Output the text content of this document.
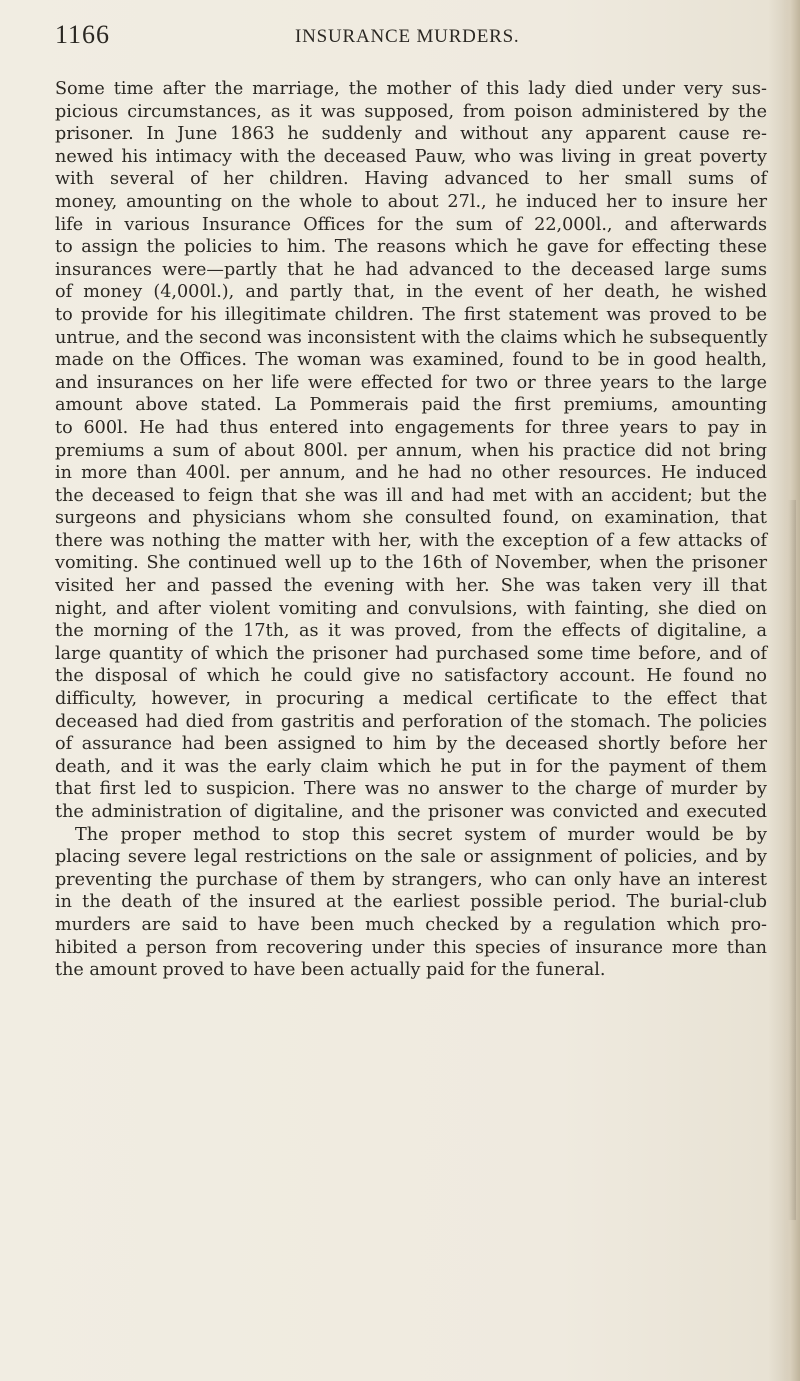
1166	INSURANCE MURDERS.
Some time after the marriage, the mother of this lady died under very sus-
picious circumstances, as it was supposed, from poison administered by the
prisoner. In June 1863 he suddenly and without any apparent cause re-
newed his intimacy with the deceased Pauw, who was living in great poverty
with several of her children. Having advanced to her small sums of
money, amounting on the whole to about 27l., he induced her to insure her
life in various Insurance Offices for the sum of 22,000l., and afterwards
to assign the policies to him. The reasons which he gave for effecting these
insurances were—partly that he had advanced to the deceased large sums
of money (4,000l.), and partly that, in the event of her death, he wished
to provide for his illegitimate children. The first statement was proved to be
untrue, and the second was inconsistent with the claims which he subsequently
made on the Offices. The woman was examined, found to be in good health,
and insurances on her life were effected for two or three years to the large
amount above stated. La Pommerais paid the first premiums, amounting
to 600l. He had thus entered into engagements for three years to pay in
premiums a sum of about 800l. per annum, when his practice did not bring
in more than 400l. per annum, and he had no other resources. He induced
the deceased to feign that she was ill and had met with an accident; but the
surgeons and physicians whom she consulted found, on examination, that
there was nothing the matter with her, with the exception of a few attacks of
vomiting. She continued well up to the 16th of November, when the prisoner
visited her and passed the evening with her. She was taken very ill that
night, and after violent vomiting and convulsions, with fainting, she died on
the morning of the 17th, as it was proved, from the effects of digitaline, a
large quantity of which the prisoner had purchased some time before, and of
the disposal of which he could give no satisfactory account. He found no
difficulty, however, in procuring a medical certificate to the effect that
deceased had died from gastritis and perforation of the stomach. The policies
of assurance had been assigned to him by the deceased shortly before her
death, and it was the early claim which he put in for the payment of them
that first led to suspicion. There was no answer to the charge of murder by
the administration of digitaline, and the prisoner was convicted and executed
The proper method to stop this secret system of murder would be by
placing severe legal restrictions on the sale or assignment of policies, and by
preventing the purchase of them by strangers, who can only have an interest
in the death of the insured at the earliest possible period. The burial-club
murders are said to have been much checked by a regulation which pro-
hibited a person from recovering under this species of insurance more than
the amount proved to have been actually paid for the funeral.
